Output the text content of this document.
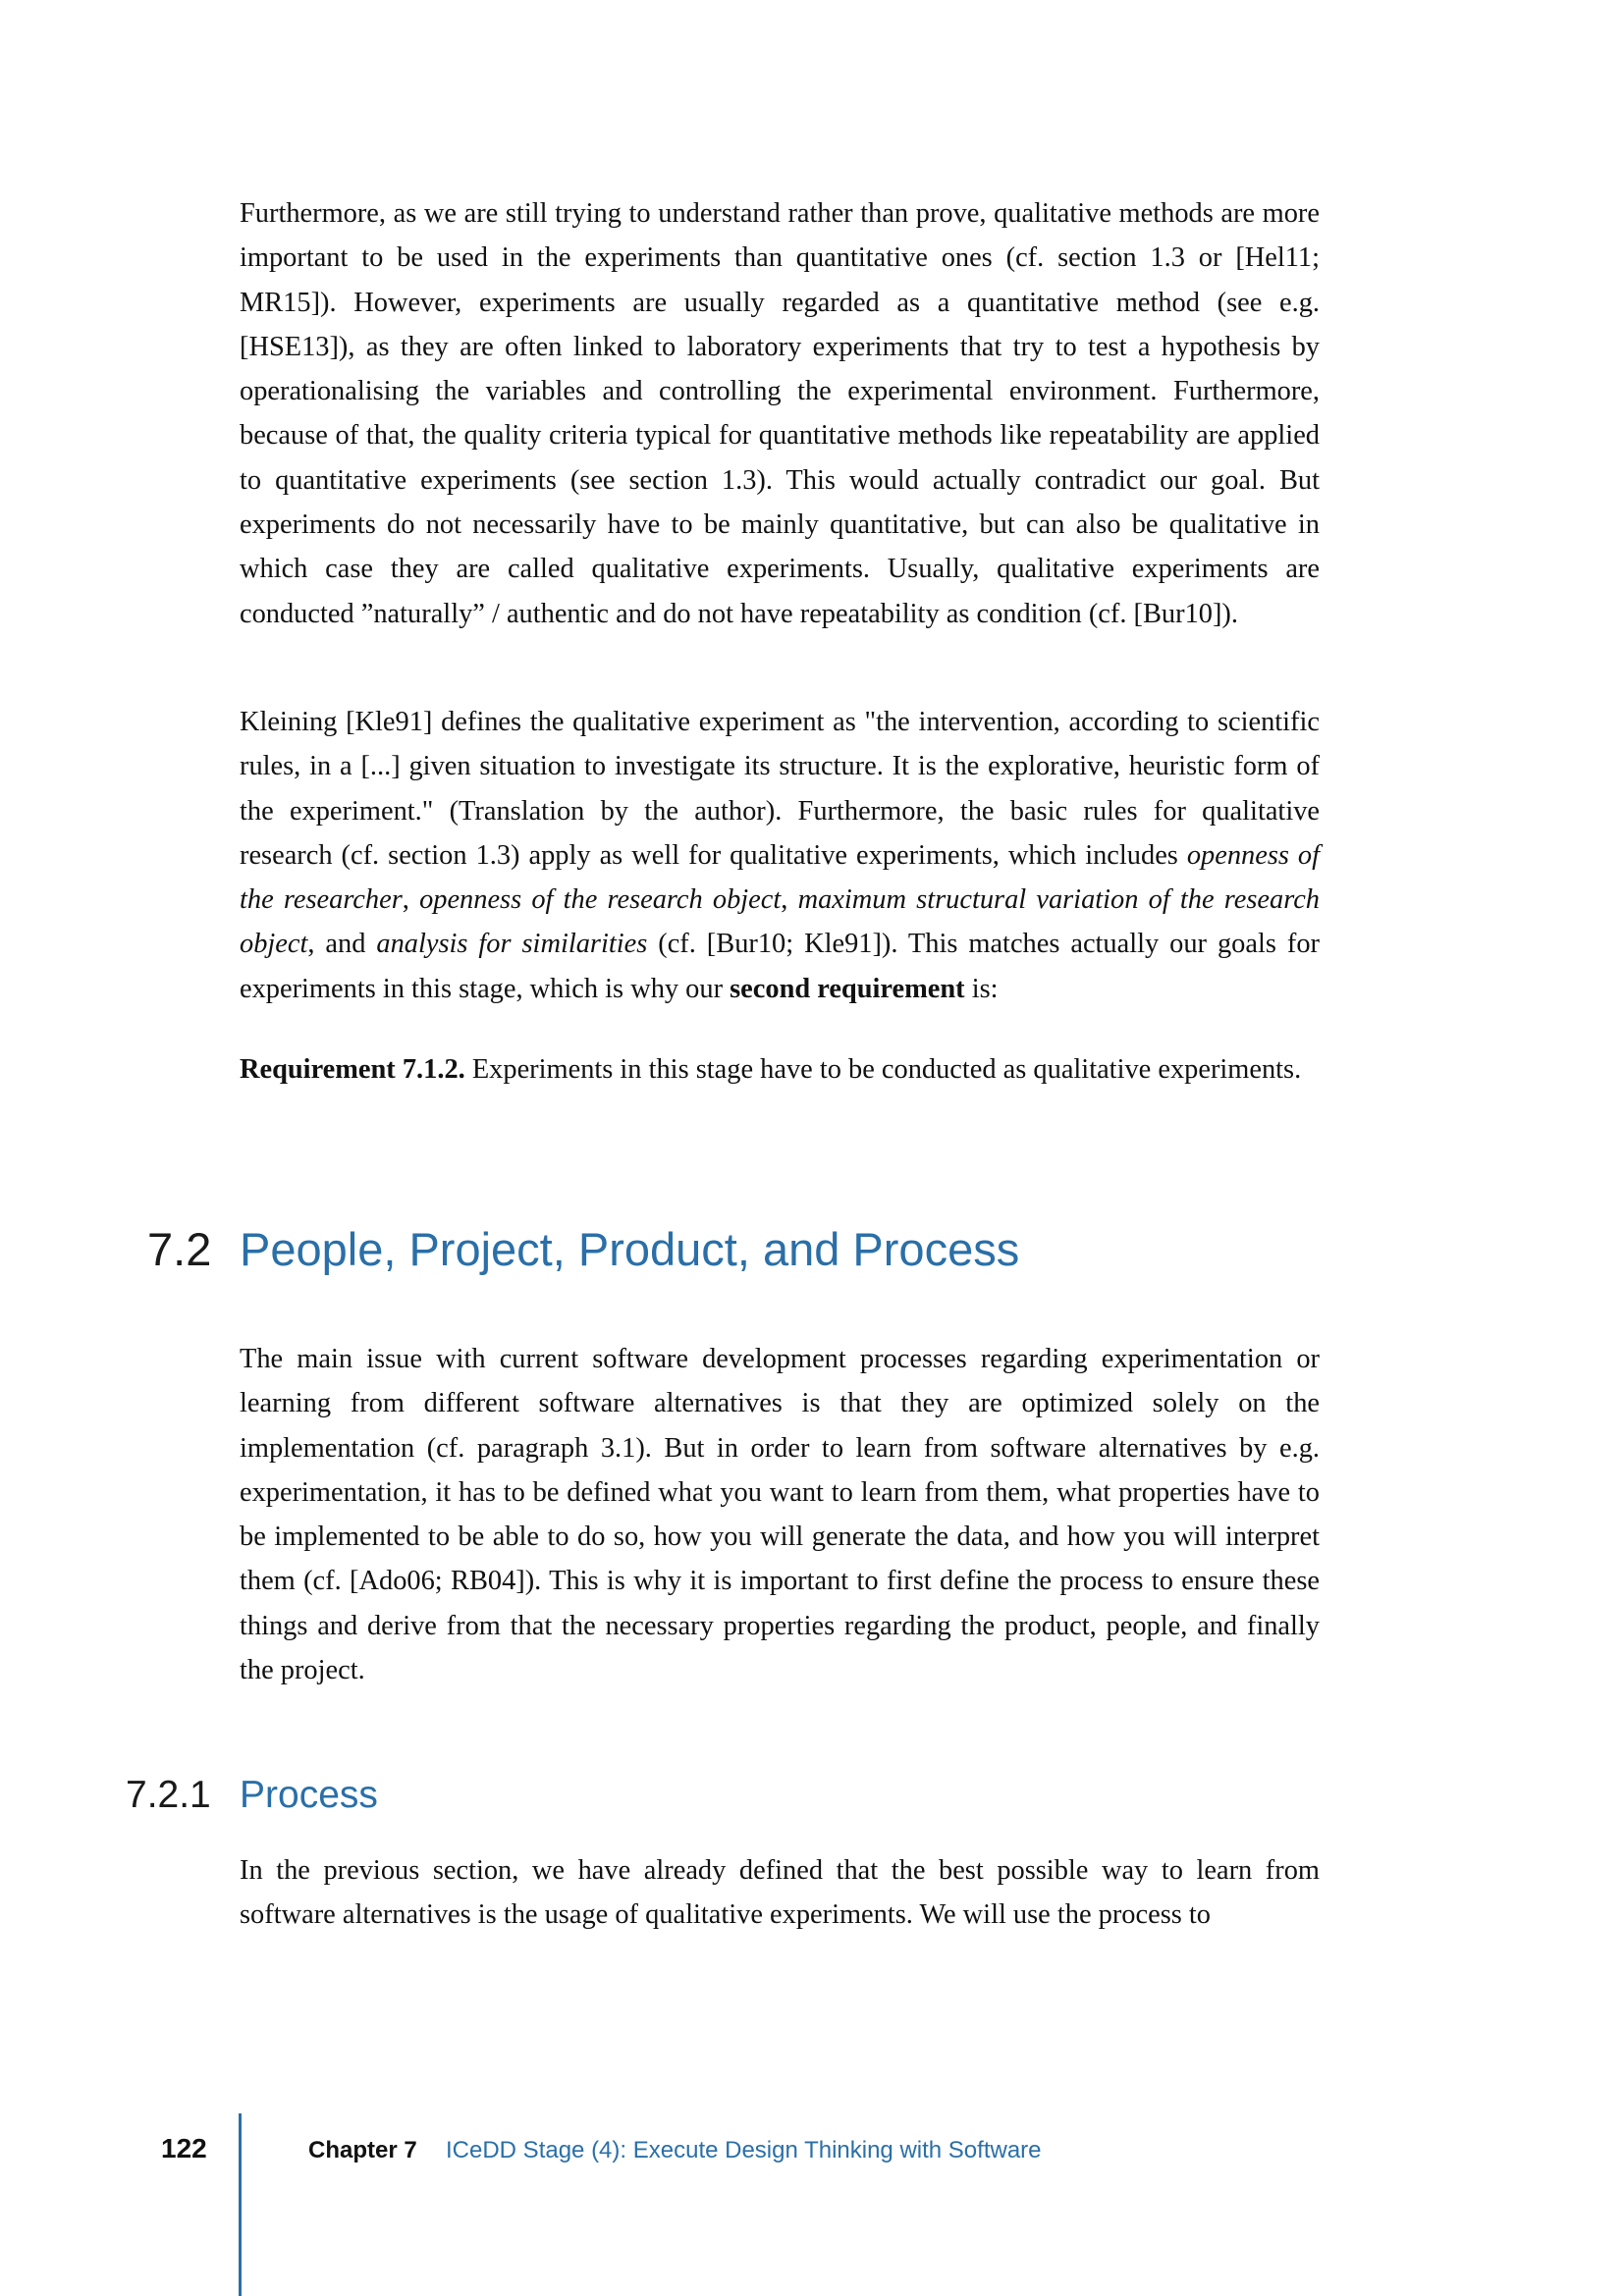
Furthermore, as we are still trying to understand rather than prove, qualitative methods are more important to be used in the experiments than quantitative ones (cf. section 1.3 or [Hel11; MR15]). However, experiments are usually regarded as a quantitative method (see e.g. [HSE13]), as they are often linked to laboratory experiments that try to test a hypothesis by operationalising the variables and controlling the experimental environment. Furthermore, because of that, the quality criteria typical for quantitative methods like repeatability are applied to quantitative experiments (see section 1.3). This would actually contradict our goal. But experiments do not necessarily have to be mainly quantitative, but can also be qualitative in which case they are called qualitative experiments. Usually, qualitative experiments are conducted ”naturally” / authentic and do not have repeatability as condition (cf. [Bur10]).

Kleining [Kle91] defines the qualitative experiment as "the intervention, according to scientific rules, in a [...] given situation to investigate its structure. It is the explorative, heuristic form of the experiment." (Translation by the author). Furthermore, the basic rules for qualitative research (cf. section 1.3) apply as well for qualitative experiments, which includes openness of the researcher, openness of the research object, maximum structural variation of the research object, and analysis for similarities (cf. [Bur10; Kle91]). This matches actually our goals for experiments in this stage, which is why our second requirement is:

Requirement 7.1.2. Experiments in this stage have to be conducted as qualitative experiments.

7.2 People, Project, Product, and Process

The main issue with current software development processes regarding experimentation or learning from different software alternatives is that they are optimized solely on the implementation (cf. paragraph 3.1). But in order to learn from software alternatives by e.g. experimentation, it has to be defined what you want to learn from them, what properties have to be implemented to be able to do so, how you will generate the data, and how you will interpret them (cf. [Ado06; RB04]). This is why it is important to first define the process to ensure these things and derive from that the necessary properties regarding the product, people, and finally the project.

7.2.1 Process

In the previous section, we have already defined that the best possible way to learn from software alternatives is the usage of qualitative experiments. We will use the process to

122	Chapter 7 ICeDD Stage (4): Execute Design Thinking with Software
